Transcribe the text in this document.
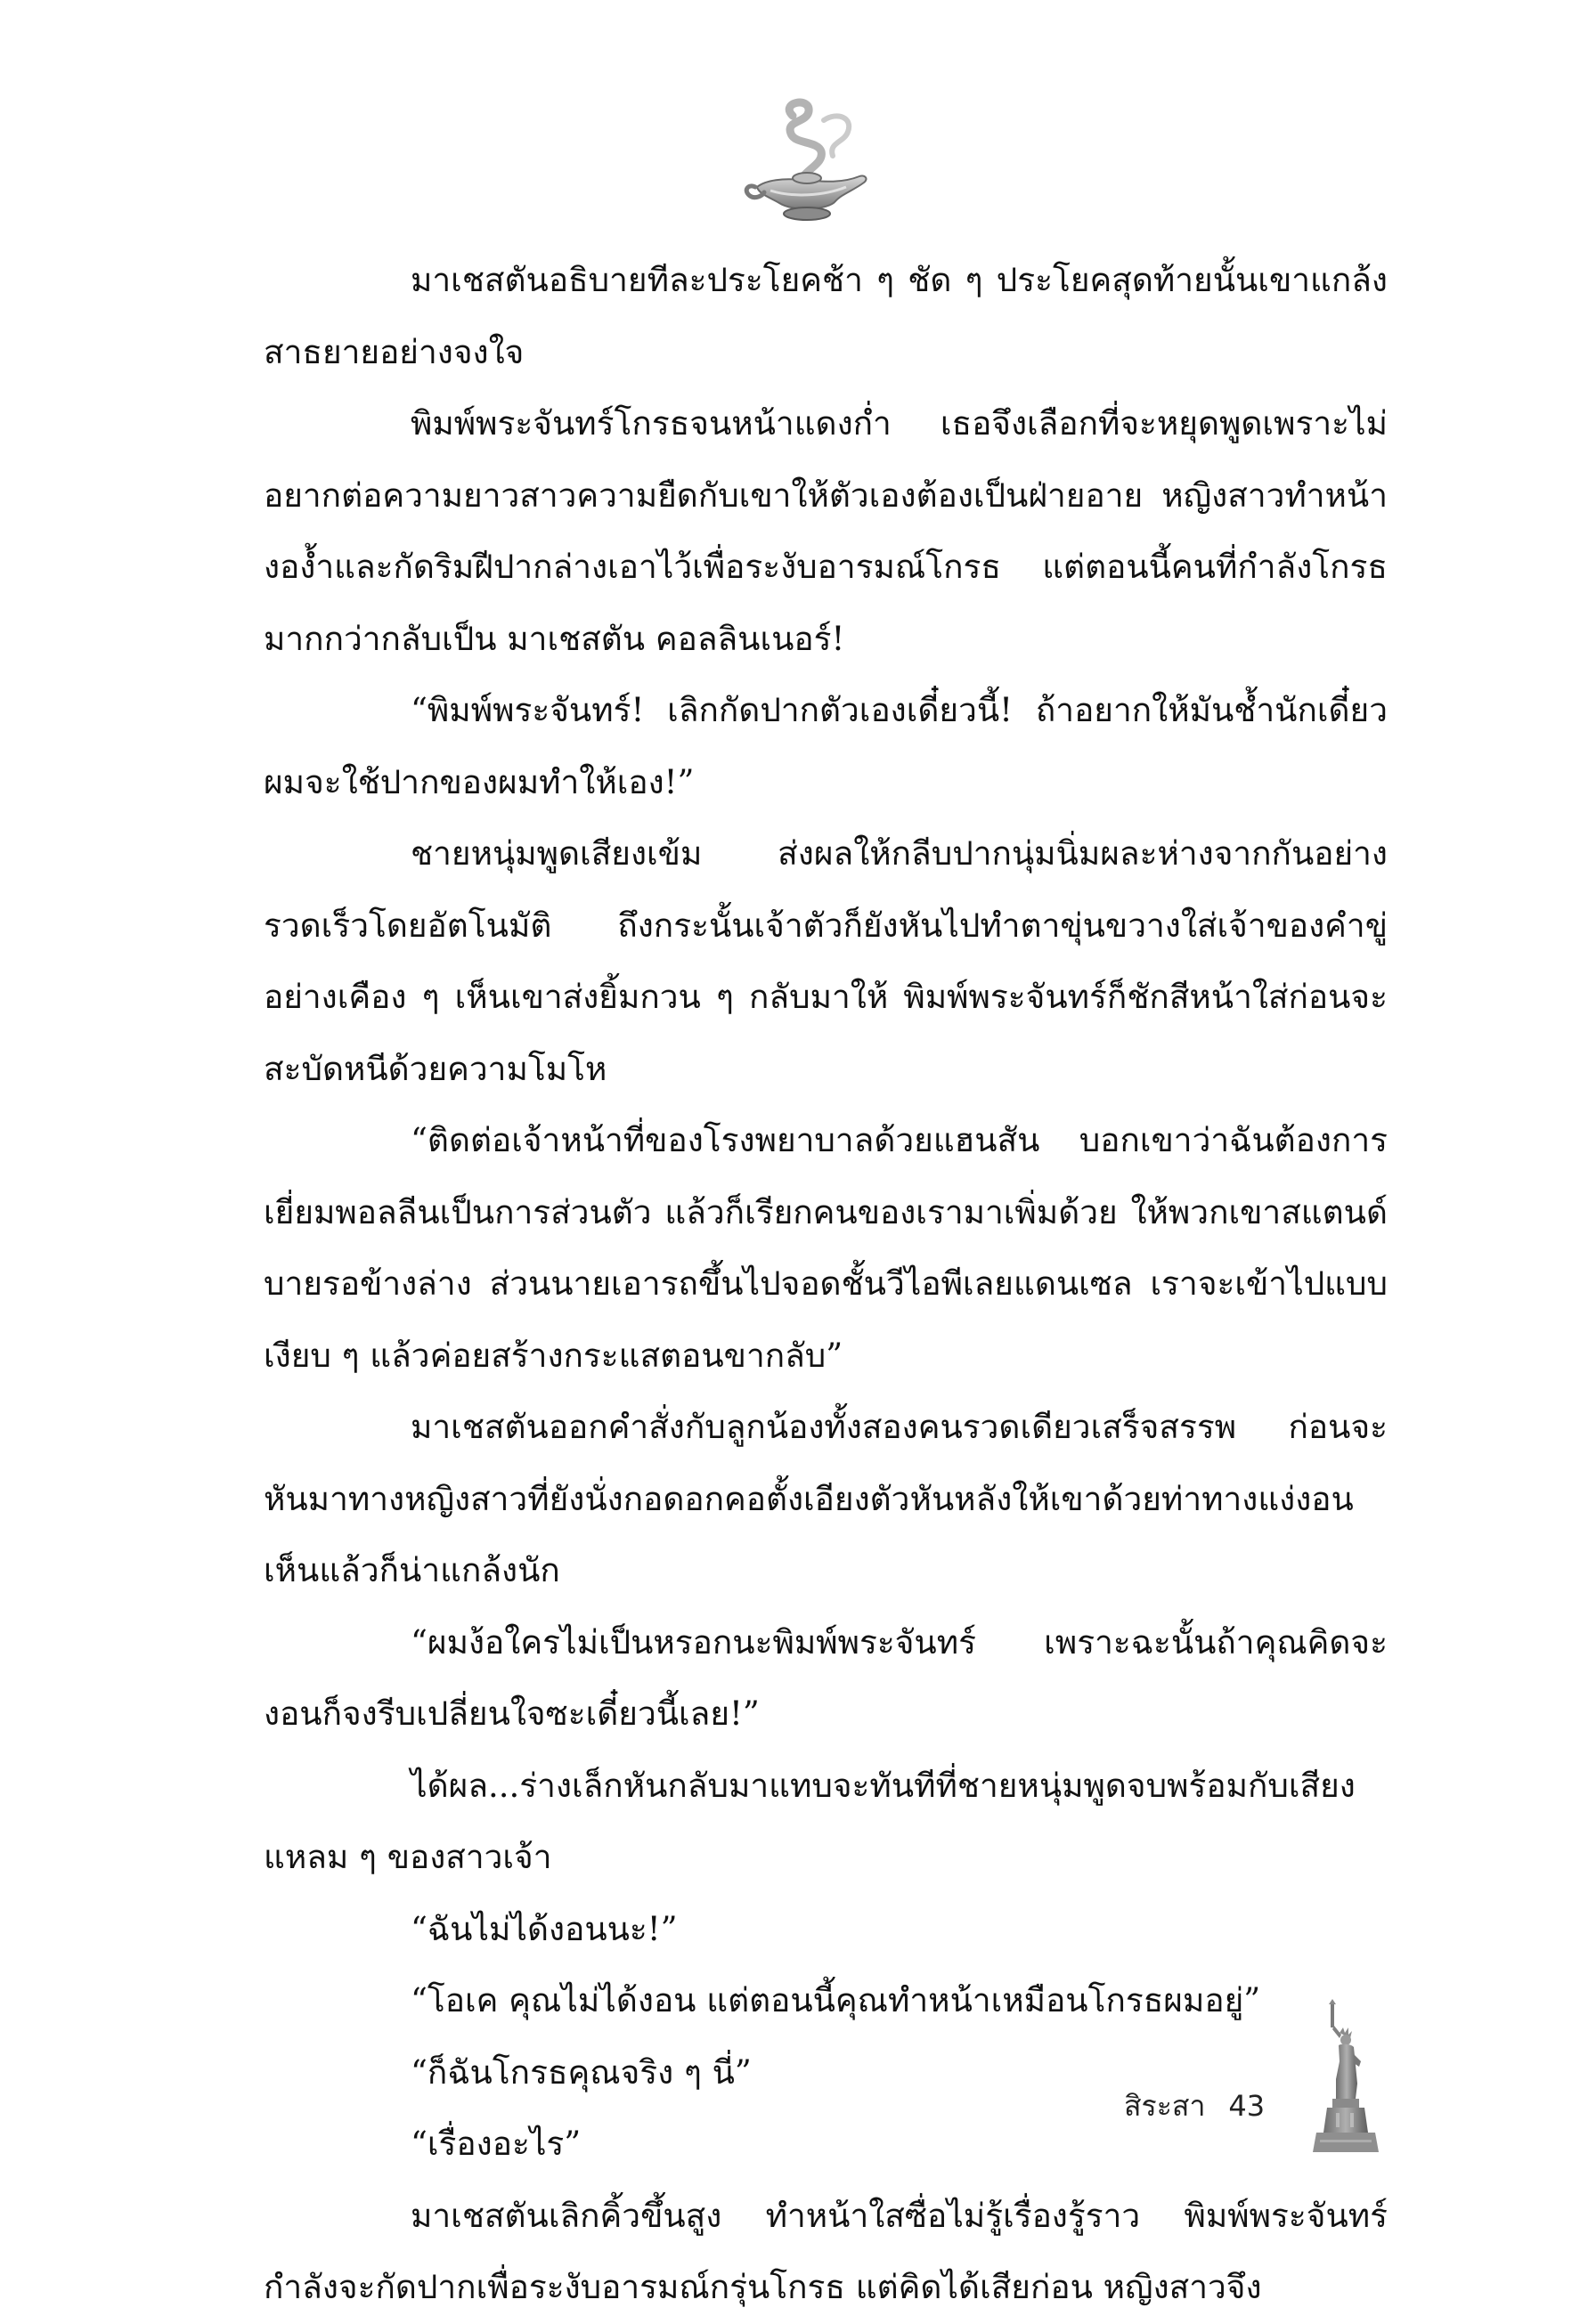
มาเชสตันอธิบายทีละประโยคช้า ๆ ชัด ๆ ประโยคสุดท้ายนั้นเขาแกล้งสาธยายอย่างจงใจ

พิมพ์พระจันทร์โกรธจนหน้าแดงก่ำ เธอจึงเลือกที่จะหยุดพูดเพราะไม่อยากต่อความยาวสาวความยืดกับเขาให้ตัวเองต้องเป็นฝ่ายอาย หญิงสาวทำหน้างองํ้าและกัดริมฝีปากล่างเอาไว้เพื่อระงับอารมณ์โกรธ แต่ตอนนี้คนที่กำลังโกรธมากกว่ากลับเป็น มาเชสตัน คอลลินเนอร์!

“พิมพ์พระจันทร์! เลิกกัดปากตัวเองเดี๋ยวนี้! ถ้าอยากให้มันชํ้านักเดี๋ยวผมจะใช้ปากของผมทำให้เอง!”

ชายหนุ่มพูดเสียงเข้ม ส่งผลให้กลีบปากนุ่มนิ่มผละห่างจากกันอย่างรวดเร็วโดยอัตโนมัติ ถึงกระนั้นเจ้าตัวก็ยังหันไปทำตาขุ่นขวางใส่เจ้าของคำขู่อย่างเคือง ๆ เห็นเขาส่งยิ้มกวน ๆ กลับมาให้ พิมพ์พระจันทร์ก็ชักสีหน้าใส่ก่อนจะสะบัดหนีด้วยความโมโห

“ติดต่อเจ้าหน้าที่ของโรงพยาบาลด้วยแฮนสัน บอกเขาว่าฉันต้องการเยี่ยมพอลลีนเป็นการส่วนตัว แล้วก็เรียกคนของเรามาเพิ่มด้วย ให้พวกเขาสแตนด์บายรอข้างล่าง ส่วนนายเอารถขึ้นไปจอดชั้นวีไอพีเลยแดนเซล เราจะเข้าไปแบบเงียบ ๆ แล้วค่อยสร้างกระแสตอนขากลับ”

มาเชสตันออกคำสั่งกับลูกน้องทั้งสองคนรวดเดียวเสร็จสรรพ ก่อนจะหันมาทางหญิงสาวที่ยังนั่งกอดอกคอตั้งเอียงตัวหันหลังให้เขาด้วยท่าทางแง่งอนเห็นแล้วก็น่าแกล้งนัก

“ผมง้อใครไม่เป็นหรอกนะพิมพ์พระจันทร์ เพราะฉะนั้นถ้าคุณคิดจะงอนก็จงรีบเปลี่ยนใจซะเดี๋ยวนี้เลย!”

ได้ผล...ร่างเล็กหันกลับมาแทบจะทันทีที่ชายหนุ่มพูดจบพร้อมกับเสียงแหลม ๆ ของสาวเจ้า

“ฉันไม่ได้งอนนะ!”

“โอเค คุณไม่ได้งอน แต่ตอนนี้คุณทำหน้าเหมือนโกรธผมอยู่”

“ก็ฉันโกรธคุณจริง ๆ นี่”

“เรื่องอะไร”

มาเชสตันเลิกคิ้วขึ้นสูง ทำหน้าใสซื่อไม่รู้เรื่องรู้ราว พิมพ์พระจันทร์กำลังจะกัดปากเพื่อระงับอารมณ์กรุ่นโกรธ แต่คิดได้เสียก่อน หญิงสาวจึง

สิระสา 43
